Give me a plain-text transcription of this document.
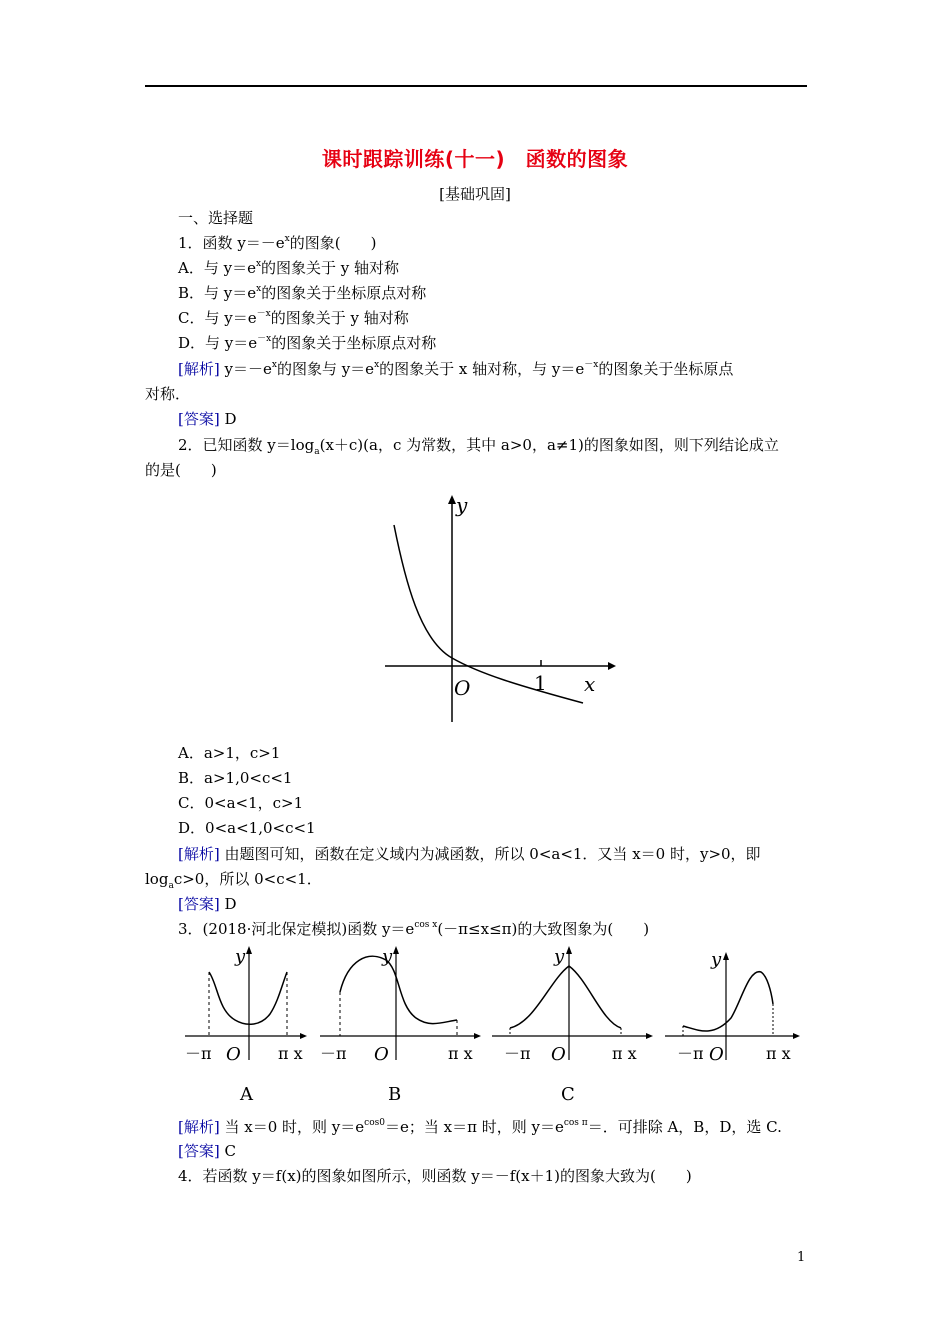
课时跟踪训练(十一)　函数的图象
[基础巩固]
一、选择题
1．函数 $y=-e^x$的图象(　　)
A．与 $y=e^x$的图象关于 y 轴对称
B．与 $y=e^x$的图象关于坐标原点对称
C．与 $y=e^{-x}$的图象关于 y 轴对称
D．与 $y=e^{-x}$的图象关于坐标原点对称
[解析] $y=-e^x$的图象与 $y=e^x$的图象关于 x 轴对称，与 $y=e^{-x}$的图象关于坐标原点
对称．
[答案] D
2．已知函数 $y=\log_a(x+c)(a$，c 为常数，其中 a>0，a≠1)的图象如图，则下列结论成立
的是(　　)
y
x
O	1
A．a>1，c>1
B．a>1,0<c<1
C．0<a<1，c>1
D．0<a<1,0<c<1
[解析] 由题图可知，函数在定义域内为减函数，所以 0<a<1．又当 x＝0 时，y>0，即
$\log_ac>0$，所以 0<c<1．
[答案] D
3．(2018·河北保定模拟)函数 $y=e^{cos x}(-\pi\le x\le\pi)$的大致图象为(　　)
y
－π O π x
A
y
－π O	π x
B
y
－π O	π x
C
y
－π O	π x
[解析] 当 x＝0 时，则 $y=e^{cos0}=e$；当 x＝π 时，则 $y=e^{cos \pi}=$．可排除 A，B，D，选 C.
[答案] C
4．若函数 y＝f(x)的图象如图所示，则函数 y＝－f(x＋1)的图象大致为(　　)
1
